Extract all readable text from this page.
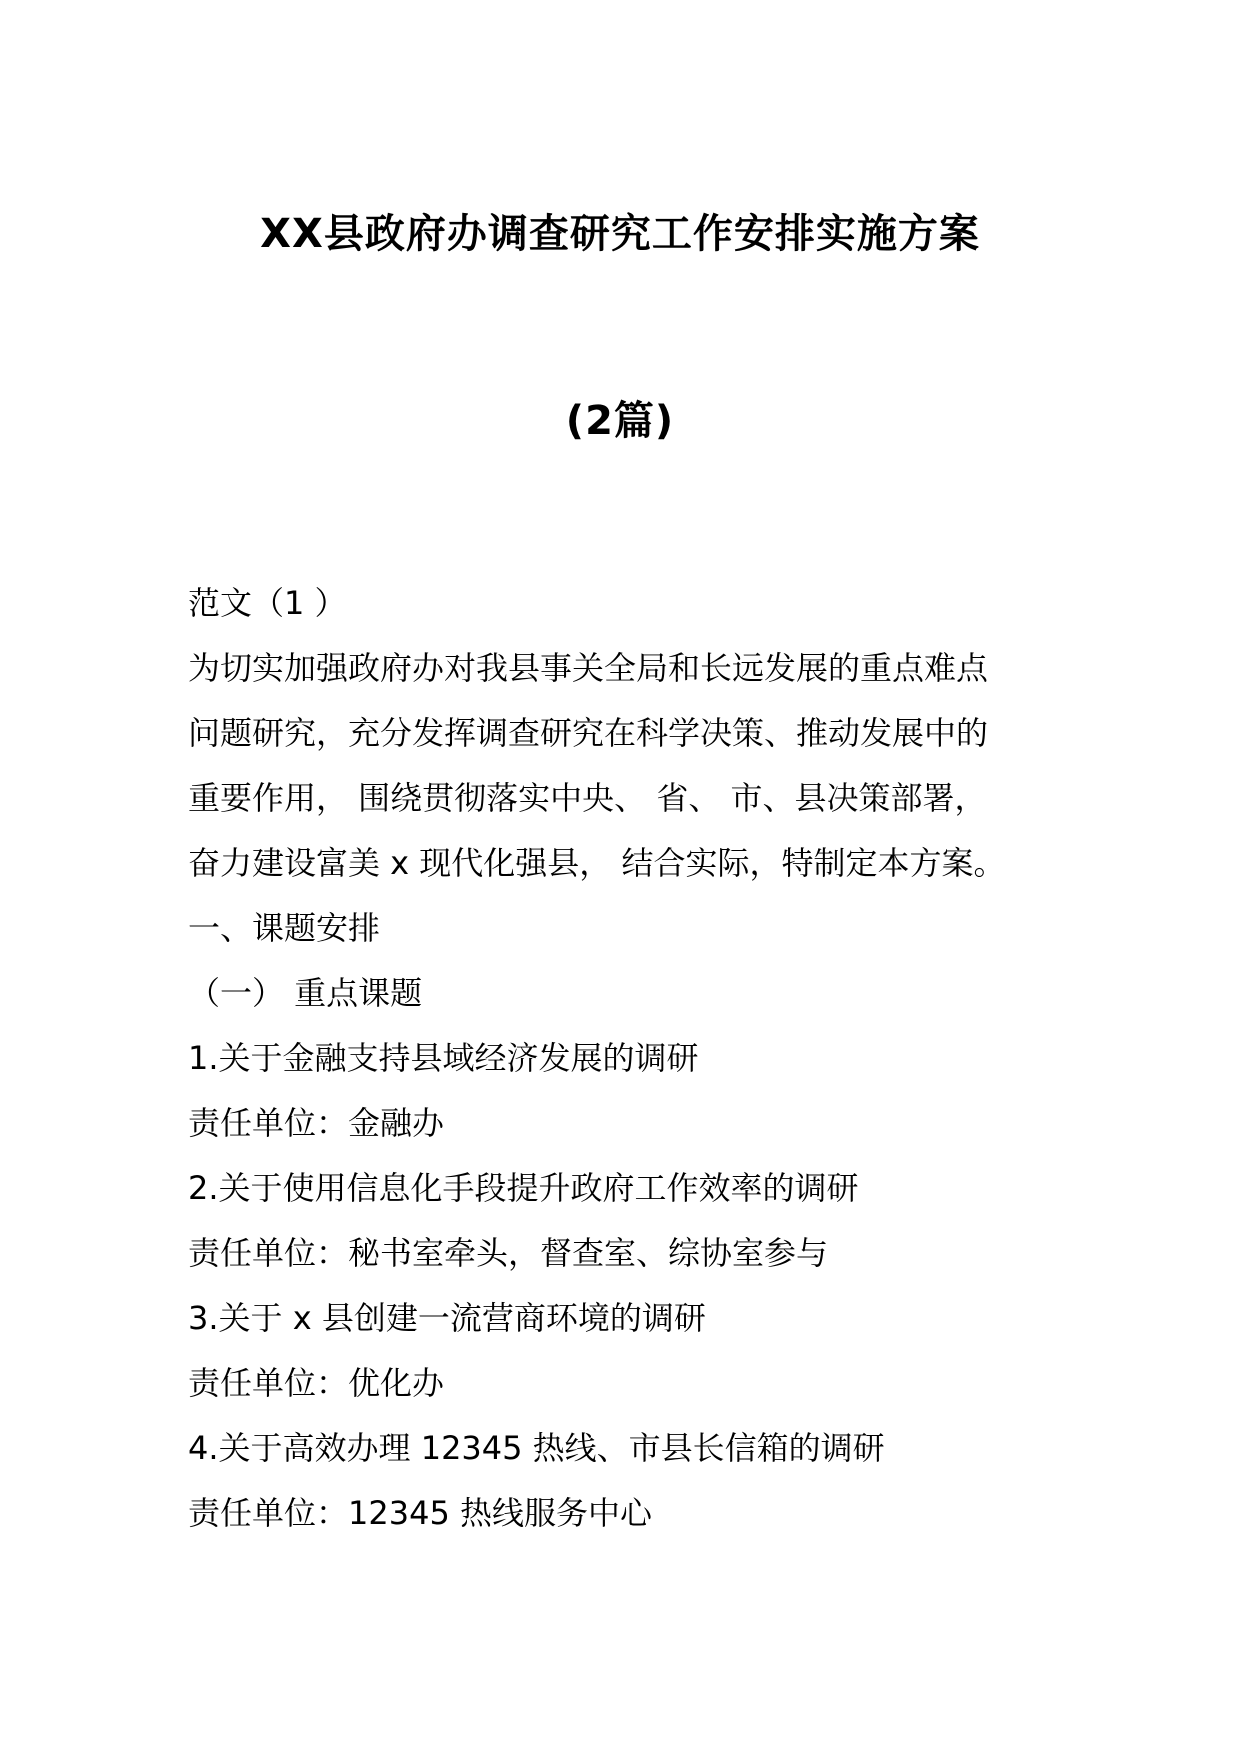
XX县政府办调查研究工作安排实施方案
(2篇)
范文（1 ）
为切实加强政府办对我县事关全局和长远发展的重点难点
问题研究，充分发挥调查研究在科学决策、推动发展中的
重要作用， 围绕贯彻落实中央、 省、 市、县决策部署，
奋力建设富美 x 现代化强县， 结合实际，特制定本方案。
一、课题安排
（一） 重点课题
1.关于金融支持县域经济发展的调研
责任单位：金融办
2.关于使用信息化手段提升政府工作效率的调研
责任单位：秘书室牵头，督查室、综协室参与
3.关于 x 县创建一流营商环境的调研
责任单位：优化办
4.关于高效办理 12345 热线、市县长信箱的调研
责任单位：12345 热线服务中心
